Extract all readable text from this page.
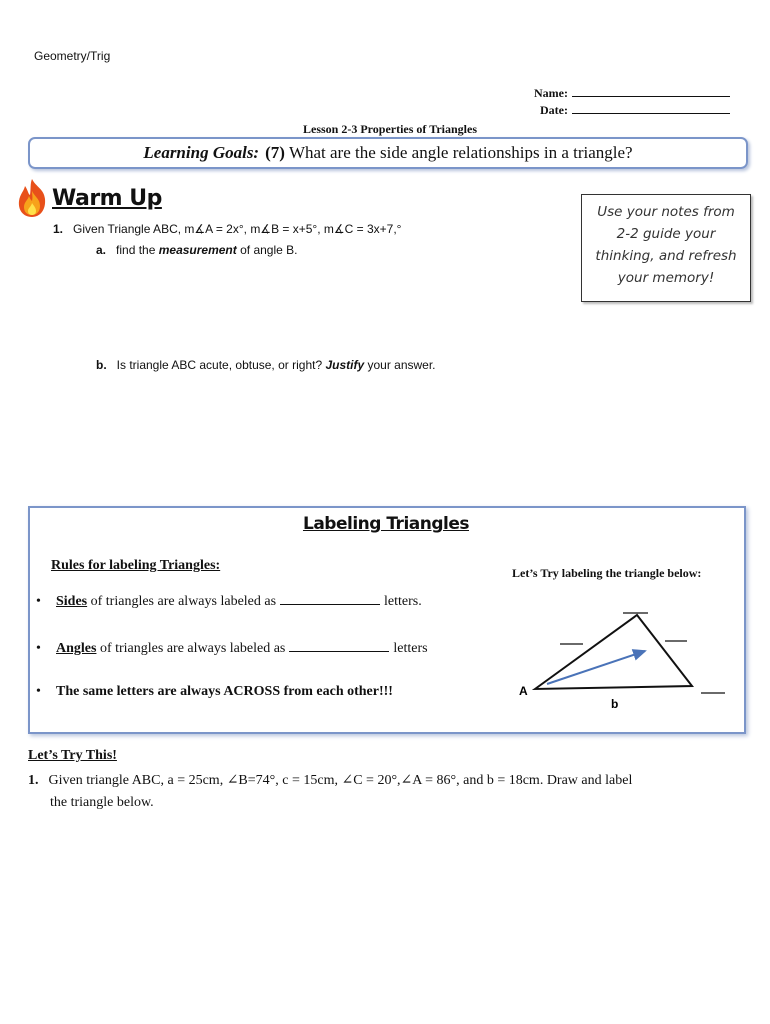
Geometry/Trig
Name:
Date:
Lesson 2-3 Properties of Triangles
Learning Goals: (7) What are the side angle relationships in a triangle?
Warm Up
1. Given Triangle ABC, m∡A = 2x°, m∡B = x+5°, m∡C = 3x+7,°
a. find the measurement of angle B.
b. Is triangle ABC acute, obtuse, or right? Justify your answer.
Use your notes from 2-2 guide your thinking, and refresh your memory!
Labeling Triangles
Rules for labeling Triangles:	Let’s Try labeling the triangle below:
• Sides of triangles are always labeled as	letters.
• Angles of triangles are always labeled as	letters
• The same letters are always ACROSS from each other!!!	A
b
Let’s Try This!
1. Given triangle ABC, a = 25cm, ∠B=74°, c = 15cm, ∠C = 20°,∠A = 86°, and b = 18cm. Draw and label
the triangle below.
